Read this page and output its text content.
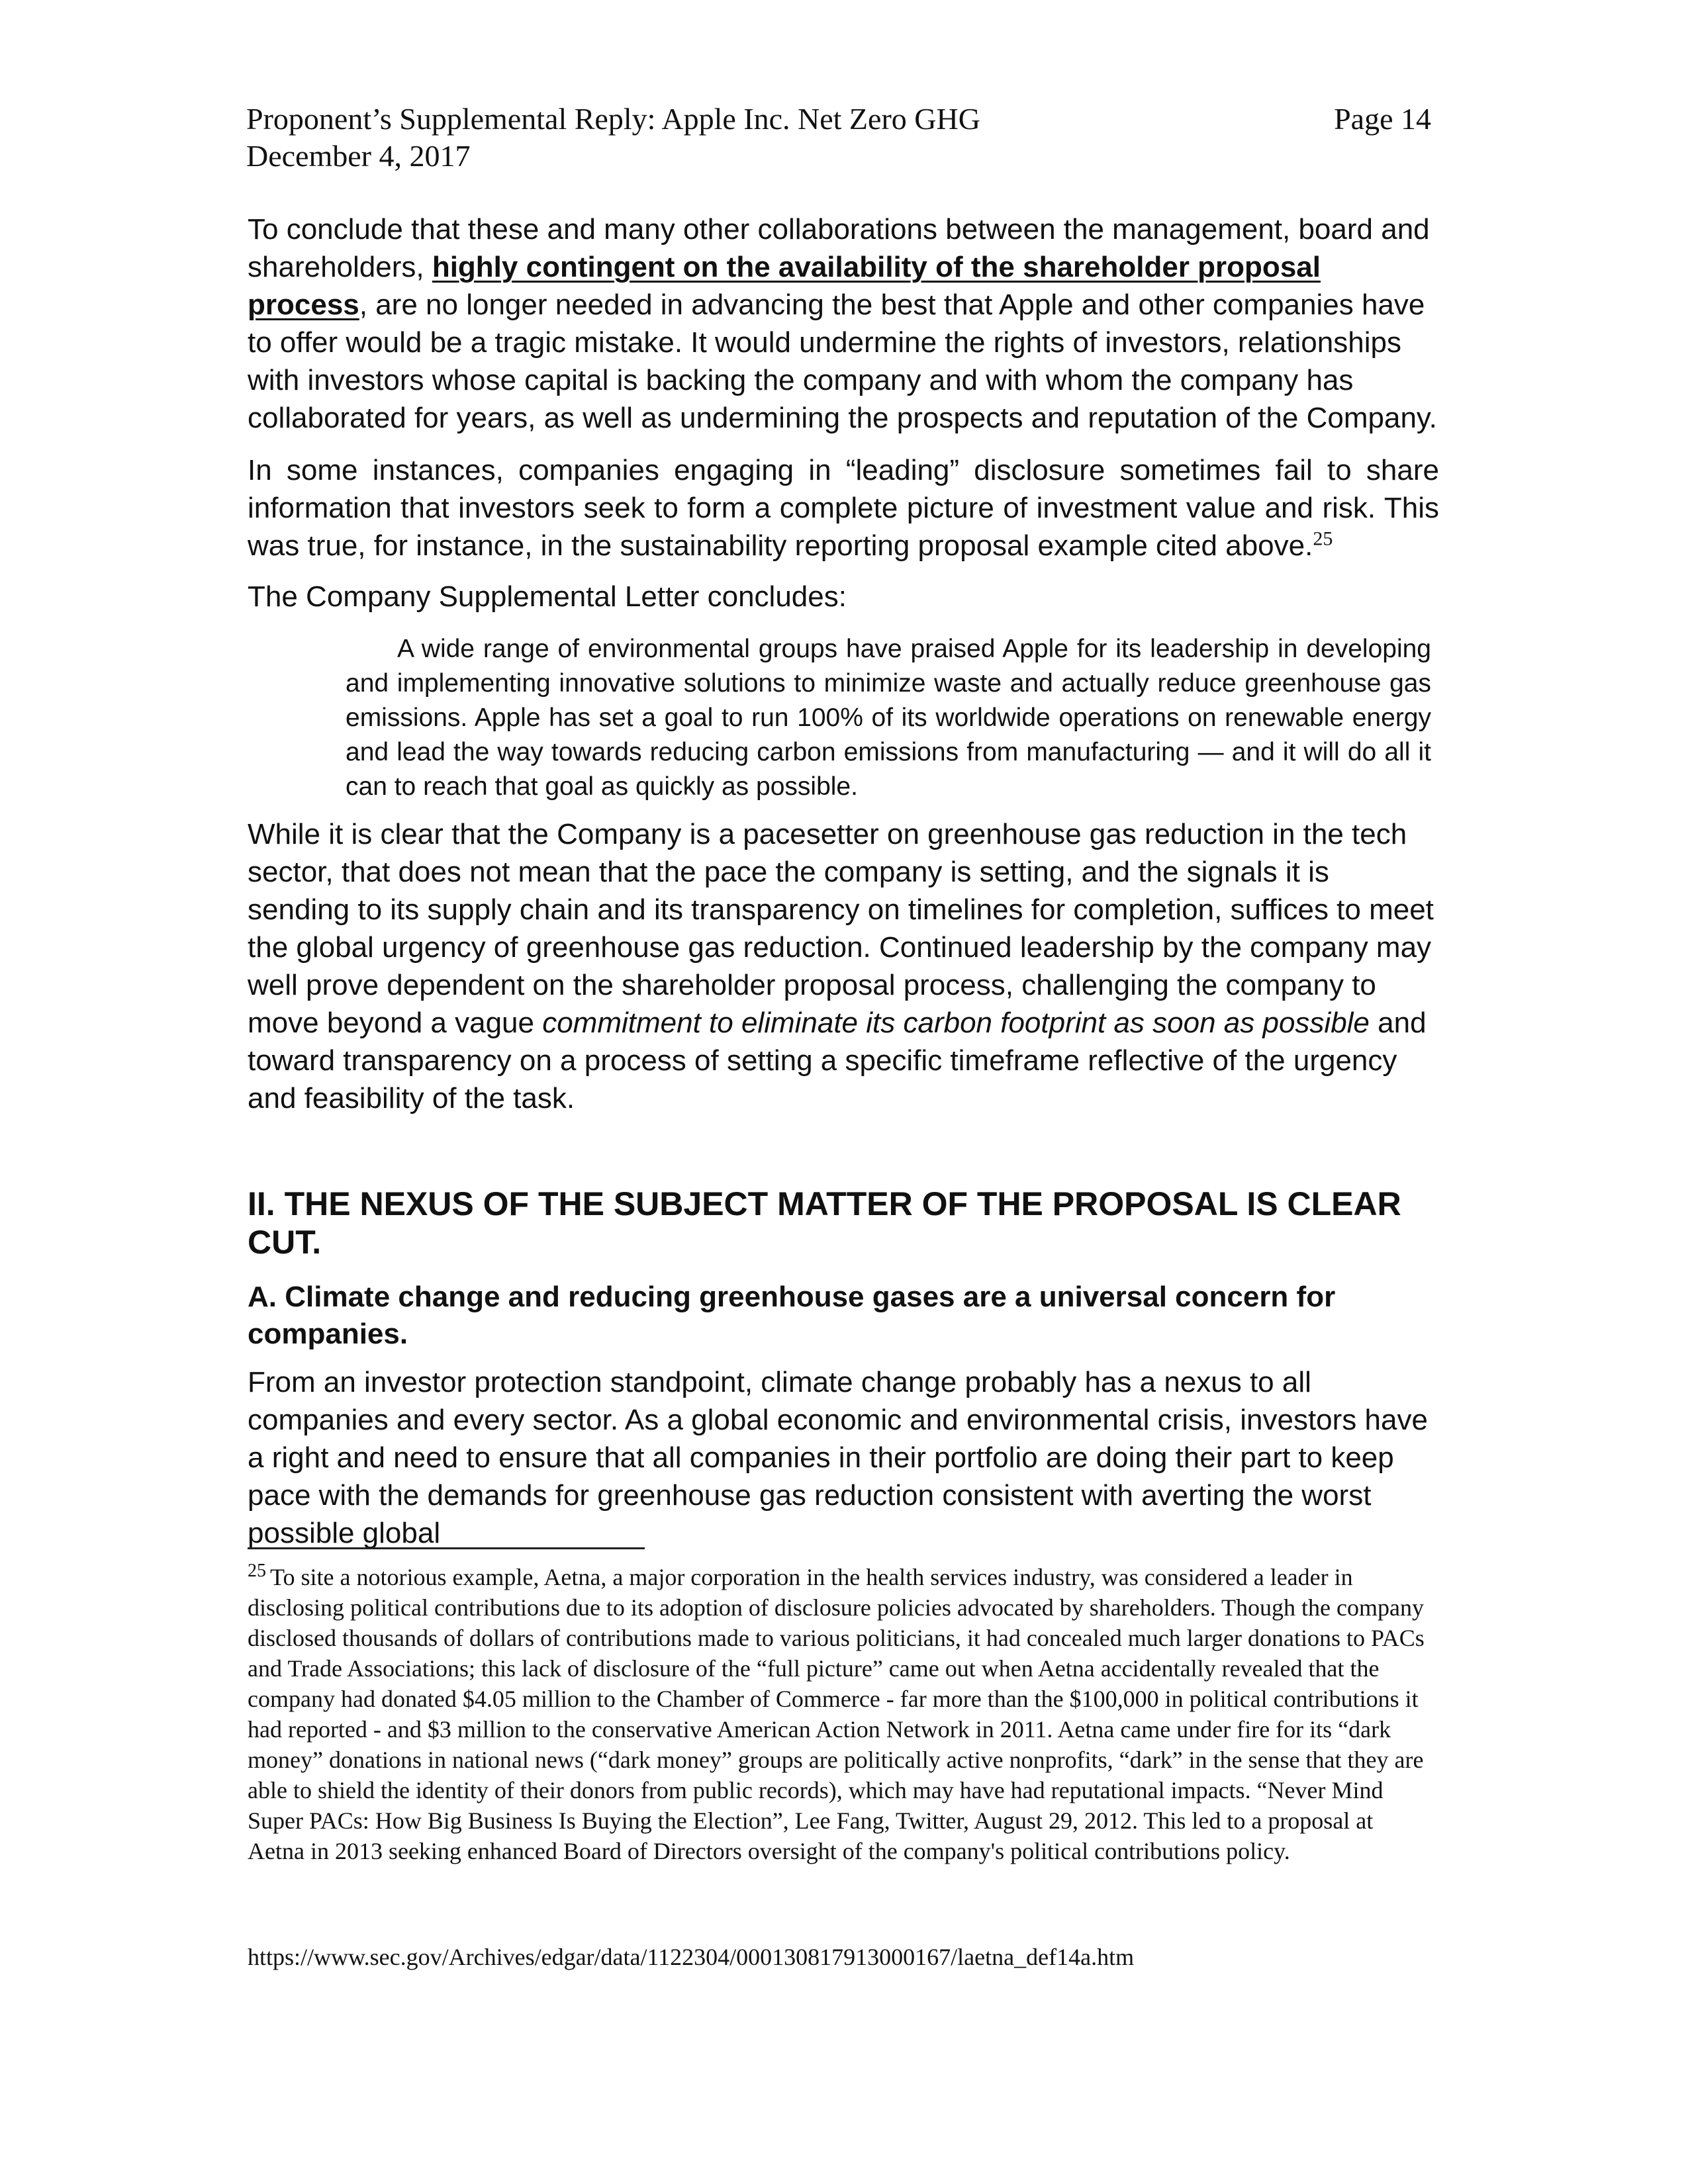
Proponent’s Supplemental Reply: Apple Inc. Net Zero GHG	Page 14
December 4, 2017

To conclude that these and many other collaborations between the management, board and shareholders, highly contingent on the availability of the shareholder proposal process, are no longer needed in advancing the best that Apple and other companies have to offer would be a tragic mistake. It would undermine the rights of investors, relationships with investors whose capital is backing the company and with whom the company has collaborated for years, as well as undermining the prospects and reputation of the Company.

In some instances, companies engaging in “leading” disclosure sometimes fail to share information that investors seek to form a complete picture of investment value and risk. This was true, for instance, in the sustainability reporting proposal example cited above.$^{25}$

The Company Supplemental Letter concludes:

A wide range of environmental groups have praised Apple for its leadership in developing and implementing innovative solutions to minimize waste and actually reduce greenhouse gas emissions. Apple has set a goal to run 100% of its worldwide operations on renewable energy and lead the way towards reducing carbon emissions from manufacturing — and it will do all it can to reach that goal as quickly as possible.

While it is clear that the Company is a pacesetter on greenhouse gas reduction in the tech sector, that does not mean that the pace the company is setting, and the signals it is sending to its supply chain and its transparency on timelines for completion, suffices to meet the global urgency of greenhouse gas reduction. Continued leadership by the company may well prove dependent on the shareholder proposal process, challenging the company to move beyond a vague commitment to eliminate its carbon footprint as soon as possible and toward transparency on a process of setting a specific timeframe reflective of the urgency and feasibility of the task.

II. THE NEXUS OF THE SUBJECT MATTER OF THE PROPOSAL IS CLEAR CUT.

A. Climate change and reducing greenhouse gases are a universal concern for companies.

From an investor protection standpoint, climate change probably has a nexus to all companies and every sector. As a global economic and environmental crisis, investors have a right and need to ensure that all companies in their portfolio are doing their part to keep pace with the demands for greenhouse gas reduction consistent with averting the worst possible global

$^{25}$ To site a notorious example, Aetna, a major corporation in the health services industry, was considered a leader in disclosing political contributions due to its adoption of disclosure policies advocated by shareholders. Though the company disclosed thousands of dollars of contributions made to various politicians, it had concealed much larger donations to PACs and Trade Associations; this lack of disclosure of the “full picture” came out when Aetna accidentally revealed that the company had donated $4.05 million to the Chamber of Commerce - far more than the $100,000 in political contributions it had reported - and $3 million to the conservative American Action Network in 2011. Aetna came under fire for its “dark money” donations in national news (“dark money” groups are politically active nonprofits, “dark” in the sense that they are able to shield the identity of their donors from public records), which may have had reputational impacts. “Never Mind Super PACs: How Big Business Is Buying the Election”, Lee Fang, Twitter, August 29, 2012. This led to a proposal at Aetna in 2013 seeking enhanced Board of Directors oversight of the company's political contributions policy.

https://www.sec.gov/Archives/edgar/data/1122304/000130817913000167/laetna_def14a.htm
